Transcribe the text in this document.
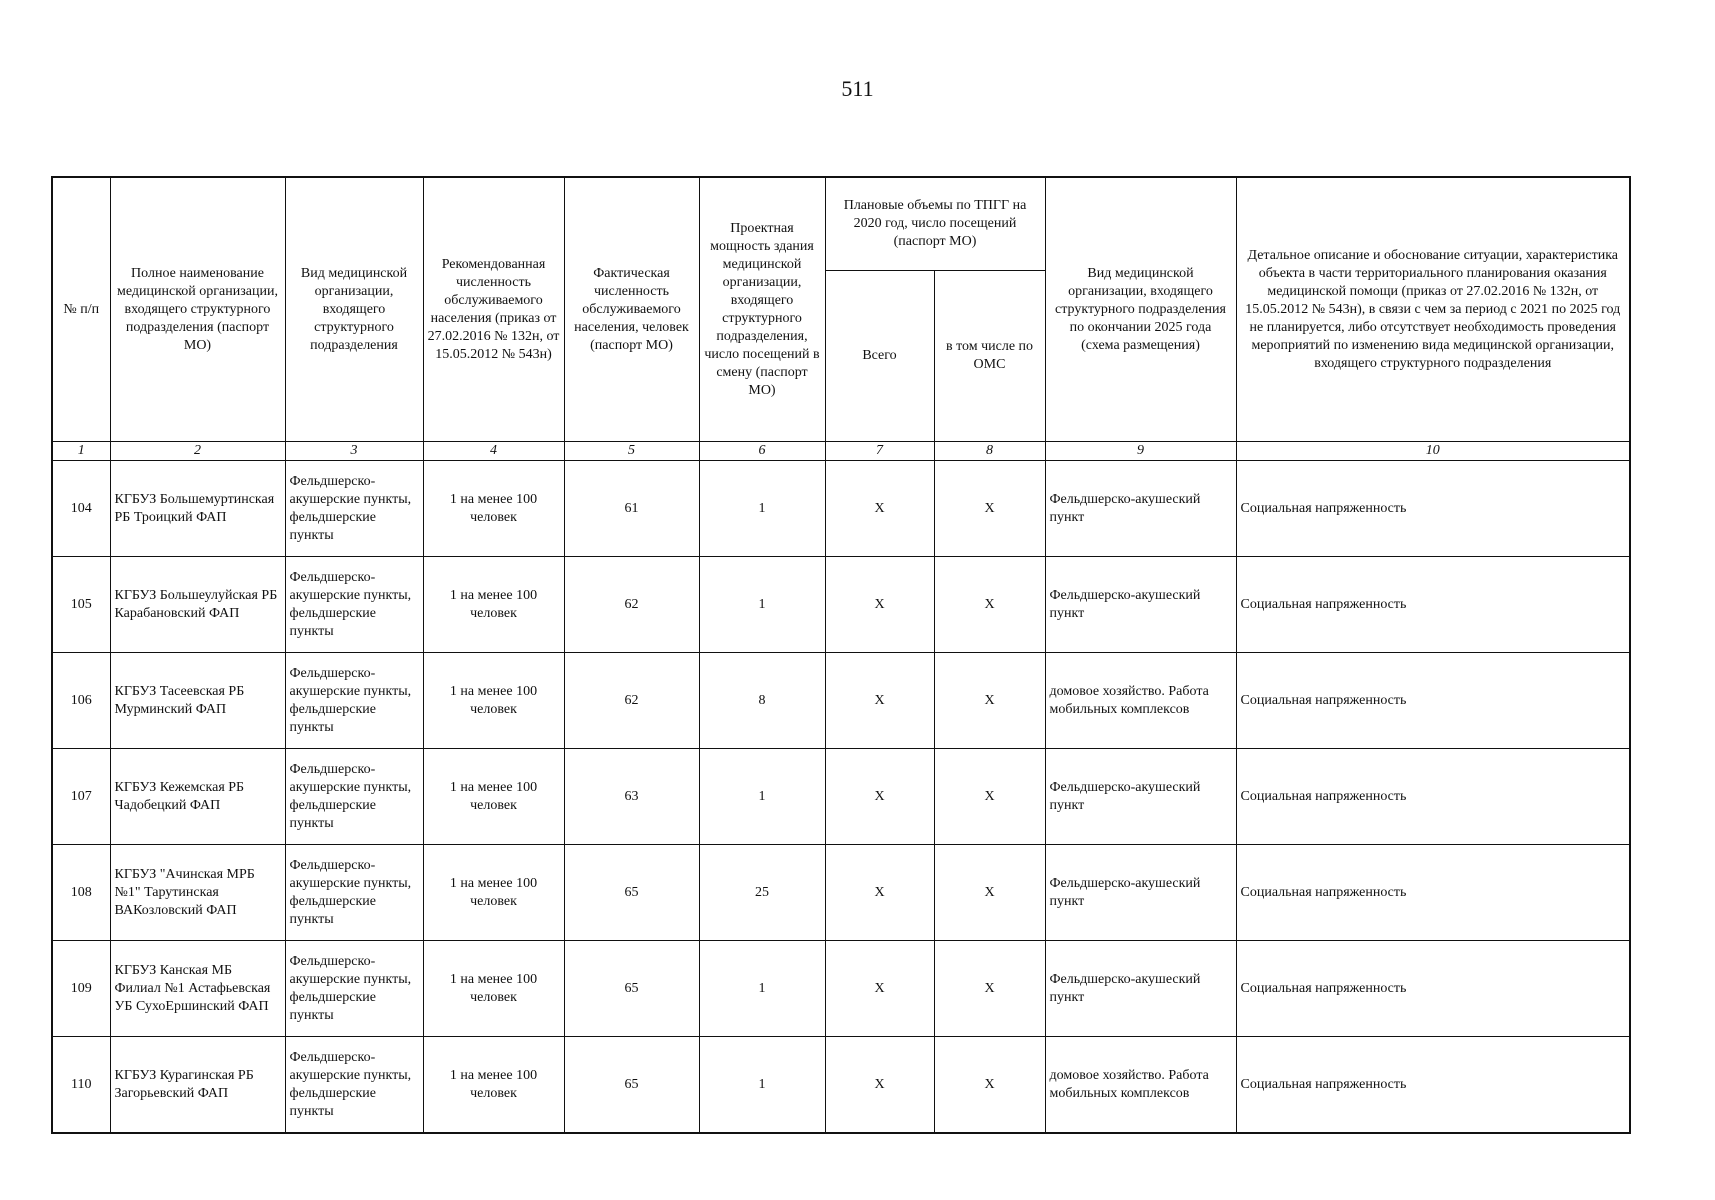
511
№ п/п	Полное наименование медицинской организации, входящего структурного подразделения (паспорт МО)	Вид медицинской организации, входящего структурного подразделения	Рекомендованная численность обслуживаемого населения (приказ от 27.02.2016 № 132н, от 15.05.2012 № 543н)	Фактическая численность обслуживаемого населения, человек (паспорт МО)	Проектная мощность здания медицинской организации, входящего структурного подразделения, число посещений в смену (паспорт МО)	Плановые объемы по ТПГГ на 2020 год, число посещений (паспорт МО)		Вид медицинской организации, входящего структурного подразделения по окончании 2025 года (схема размещения)	Детальное описание и обоснование ситуации, характеристика объекта в части территориального планирования оказания медицинской помощи (приказ от 27.02.2016 № 132н, от 15.05.2012 № 543н), в связи с чем за период с 2021 по 2025 год не планируется, либо отсутствует необходимость проведения мероприятий по изменению вида медицинской организации, входящего структурного подразделения
						Всего	в том числе по ОМС		
1	2	3	4	5	6	7	8	9	10
104	КГБУЗ Большемуртинская РБ Троицкий ФАП	Фельдшерско-акушерские пункты, фельдшерские пункты	1 на менее 100 человек	61	1	X	X	Фельдшерско-акушеский пункт	Социальная напряженность
105	КГБУЗ Большеулуйская РБ Карабановский ФАП	Фельдшерско-акушерские пункты, фельдшерские пункты	1 на менее 100 человек	62	1	X	X	Фельдшерско-акушеский пункт	Социальная напряженность
106	КГБУЗ Тасеевская РБ Мурминский ФАП	Фельдшерско-акушерские пункты, фельдшерские пункты	1 на менее 100 человек	62	8	X	X	домовое хозяйство. Работа мобильных комплексов	Социальная напряженность
107	КГБУЗ Кежемская РБ Чадобецкий ФАП	Фельдшерско-акушерские пункты, фельдшерские пункты	1 на менее 100 человек	63	1	X	X	Фельдшерско-акушеский пункт	Социальная напряженность
108	КГБУЗ "Ачинская МРБ №1" Тарутинская ВАКозловский ФАП	Фельдшерско-акушерские пункты, фельдшерские пункты	1 на менее 100 человек	65	25	X	X	Фельдшерско-акушеский пункт	Социальная напряженность
109	КГБУЗ Канская МБ Филиал №1 Астафьевская УБ СухоЕршинский ФАП	Фельдшерско-акушерские пункты, фельдшерские пункты	1 на менее 100 человек	65	1	X	X	Фельдшерско-акушеский пункт	Социальная напряженность
110	КГБУЗ Курагинская РБ Загорьевский ФАП	Фельдшерско-акушерские пункты, фельдшерские пункты	1 на менее 100 человек	65	1	X	X	домовое хозяйство. Работа мобильных комплексов	Социальная напряженность
